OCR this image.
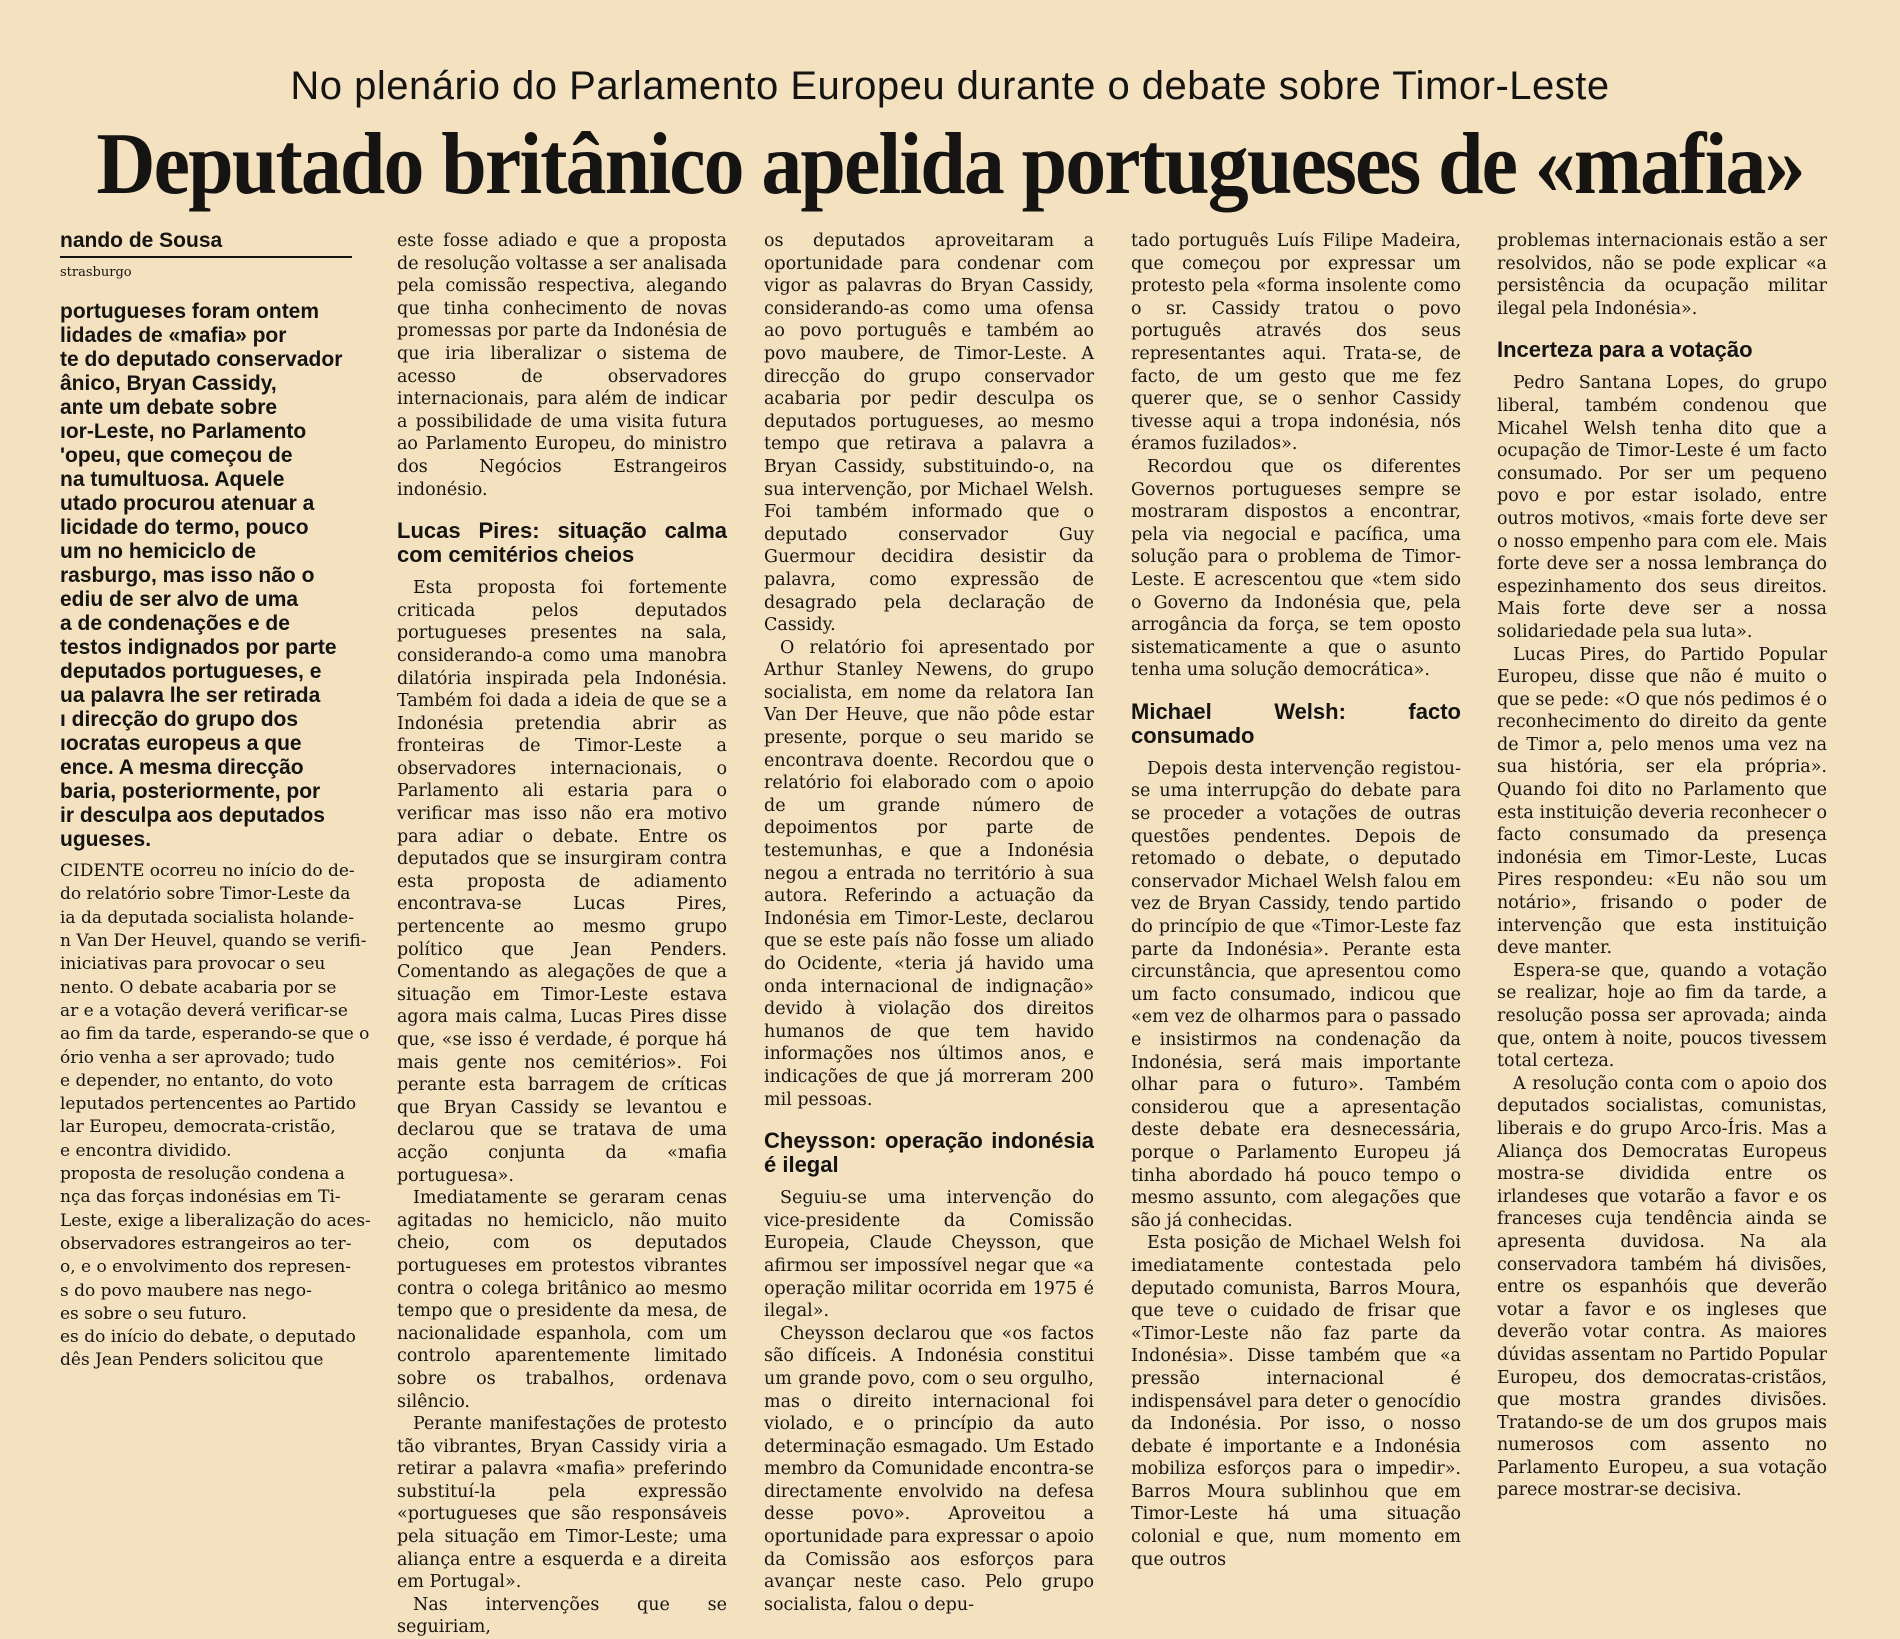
No plenário do Parlamento Europeu durante o debate sobre Timor-Leste
Deputado britânico apelida portugueses de «mafia»
nando de Sousa
strasburgo
portugueses foram ontem
lidades de «mafia» por
te do deputado conservador
ânico, Bryan Cassidy,
ante um debate sobre
ıor-Leste, no Parlamento
'opeu, que começou de
na tumultuosa. Aquele
utado procurou atenuar a
licidade do termo, pouco
um no hemiciclo de
rasburgo, mas isso não o
ediu de ser alvo de uma
a de condenações e de
testos indignados por parte
deputados portugueses, e
ua palavra lhe ser retirada
ı direcção do grupo dos
ıocratas europeus a que
ence. A mesma direcção
baria, posteriormente, por
ir desculpa aos deputados
ugueses.
CIDENTE ocorreu no início do de-
do relatório sobre Timor-Leste da
ia da deputada socialista holande-
n Van Der Heuvel, quando se verifi-
iniciativas para provocar o seu
nento. O debate acabaria por se
ar e a votação deverá verificar-se
ao fim da tarde, esperando-se que o
ório venha a ser aprovado; tudo
e depender, no entanto, do voto
leputados pertencentes ao Partido
lar Europeu, democrata-cristão,
e encontra dividido.
proposta de resolução condena a
nça das forças indonésias em Ti-
Leste, exige a liberalização do aces-
observadores estrangeiros ao ter-
o, e o envolvimento dos represen-
s do povo maubere nas nego-
es sobre o seu futuro.
es do início do debate, o deputado
dês Jean Penders solicitou que

este fosse adiado e que a proposta de resolução voltasse a ser analisada pela comissão respectiva, alegando que tinha conhecimento de novas promessas por parte da Indonésia de que iria liberalizar o sistema de acesso de observadores internacionais, para além de indicar a possibilidade de uma visita futura ao Parlamento Europeu, do ministro dos Negócios Estrangeiros indonésio.

Lucas Pires: situação calma com cemitérios cheios

Esta proposta foi fortemente criticada pelos deputados portugueses presentes na sala, considerando-a como uma manobra dilatória inspirada pela Indonésia. Também foi dada a ideia de que se a Indonésia pretendia abrir as fronteiras de Timor-Leste a observadores internacionais, o Parlamento ali estaria para o verificar mas isso não era motivo para adiar o debate. Entre os deputados que se insurgiram contra esta proposta de adiamento encontrava-se Lucas Pires, pertencente ao mesmo grupo político que Jean Penders. Comentando as alegações de que a situação em Timor-Leste estava agora mais calma, Lucas Pires disse que, «se isso é verdade, é porque há mais gente nos cemitérios». Foi perante esta barragem de críticas que Bryan Cassidy se levantou e declarou que se tratava de uma acção conjunta da «mafia portuguesa».

Imediatamente se geraram cenas agitadas no hemiciclo, não muito cheio, com os deputados portugueses em protestos vibrantes contra o colega britânico ao mesmo tempo que o presidente da mesa, de nacionalidade espanhola, com um controlo aparentemente limitado sobre os trabalhos, ordenava silêncio.

Perante manifestações de protesto tão vibrantes, Bryan Cassidy viria a retirar a palavra «mafia» preferindo substituí-la pela expressão «portugueses que são responsáveis pela situação em Timor-Leste; uma aliança entre a esquerda e a direita em Portugal».

Nas intervenções que se seguiriam,

os deputados aproveitaram a oportunidade para condenar com vigor as palavras do Bryan Cassidy, considerando-as como uma ofensa ao povo português e também ao povo maubere, de Timor-Leste. A direcção do grupo conservador acabaria por pedir desculpa os deputados portugueses, ao mesmo tempo que retirava a palavra a Bryan Cassidy, substituindo-o, na sua intervenção, por Michael Welsh. Foi também informado que o deputado conservador Guy Guermour decidira desistir da palavra, como expressão de desagrado pela declaração de Cassidy.

O relatório foi apresentado por Arthur Stanley Newens, do grupo socialista, em nome da relatora Ian Van Der Heuve, que não pôde estar presente, porque o seu marido se encontrava doente. Recordou que o relatório foi elaborado com o apoio de um grande número de depoimentos por parte de testemunhas, e que a Indonésia negou a entrada no território à sua autora. Referindo a actuação da Indonésia em Timor-Leste, declarou que se este país não fosse um aliado do Ocidente, «teria já havido uma onda internacional de indignação» devido à violação dos direitos humanos de que tem havido informações nos últimos anos, e indicações de que já morreram 200 mil pessoas.

Cheysson: operação indonésia é ilegal

Seguiu-se uma intervenção do vice-presidente da Comissão Europeia, Claude Cheysson, que afirmou ser impossível negar que «a operação militar ocorrida em 1975 é ilegal».

Cheysson declarou que «os factos são difíceis. A Indonésia constitui um grande povo, com o seu orgulho, mas o direito internacional foi violado, e o princípio da auto determinação esmagado. Um Estado membro da Comunidade encontra-se directamente envolvido na defesa desse povo». Aproveitou a oportunidade para expressar o apoio da Comissão aos esforços para avançar neste caso. Pelo grupo socialista, falou o depu-

tado português Luís Filipe Madeira, que começou por expressar um protesto pela «forma insolente como o sr. Cassidy tratou o povo português através dos seus representantes aqui. Trata-se, de facto, de um gesto que me fez querer que, se o senhor Cassidy tivesse aqui a tropa indonésia, nós éramos fuzilados».

Recordou que os diferentes Governos portugueses sempre se mostraram dispostos a encontrar, pela via negocial e pacífica, uma solução para o problema de Timor-Leste. E acrescentou que «tem sido o Governo da Indonésia que, pela arrogância da força, se tem oposto sistematicamente a que o asunto tenha uma solução democrática».

Michael Welsh: facto consumado

Depois desta intervenção registou-se uma interrupção do debate para se proceder a votações de outras questões pendentes. Depois de retomado o debate, o deputado conservador Michael Welsh falou em vez de Bryan Cassidy, tendo partido do princípio de que «Timor-Leste faz parte da Indonésia». Perante esta circunstância, que apresentou como um facto consumado, indicou que «em vez de olharmos para o passado e insistirmos na condenação da Indonésia, será mais importante olhar para o futuro». Também considerou que a apresentação deste debate era desnecessária, porque o Parlamento Europeu já tinha abordado há pouco tempo o mesmo assunto, com alegações que são já conhecidas.

Esta posição de Michael Welsh foi imediatamente contestada pelo deputado comunista, Barros Moura, que teve o cuidado de frisar que «Timor-Leste não faz parte da Indonésia». Disse também que «a pressão internacional é indispensável para deter o genocídio da Indonésia. Por isso, o nosso debate é importante e a Indonésia mobiliza esforços para o impedir». Barros Moura sublinhou que em Timor-Leste há uma situação colonial e que, num momento em que outros

problemas internacionais estão a ser resolvidos, não se pode explicar «a persistência da ocupação militar ilegal pela Indonésia».

Incerteza para a votação

Pedro Santana Lopes, do grupo liberal, também condenou que Micahel Welsh tenha dito que a ocupação de Timor-Leste é um facto consumado. Por ser um pequeno povo e por estar isolado, entre outros motivos, «mais forte deve ser o nosso empenho para com ele. Mais forte deve ser a nossa lembrança do espezinhamento dos seus direitos. Mais forte deve ser a nossa solidariedade pela sua luta».

Lucas Pires, do Partido Popular Europeu, disse que não é muito o que se pede: «O que nós pedimos é o reconhecimento do direito da gente de Timor a, pelo menos uma vez na sua história, ser ela própria». Quando foi dito no Parlamento que esta instituição deveria reconhecer o facto consumado da presença indonésia em Timor-Leste, Lucas Pires respondeu: «Eu não sou um notário», frisando o poder de intervenção que esta instituição deve manter.

Espera-se que, quando a votação se realizar, hoje ao fim da tarde, a resolução possa ser aprovada; ainda que, ontem à noite, poucos tivessem total certeza.

A resolução conta com o apoio dos deputados socialistas, comunistas, liberais e do grupo Arco-Íris. Mas a Aliança dos Democratas Europeus mostra-se dividida entre os irlandeses que votarão a favor e os franceses cuja tendência ainda se apresenta duvidosa. Na ala conservadora também há divisões, entre os espanhóis que deverão votar a favor e os ingleses que deverão votar contra. As maiores dúvidas assentam no Partido Popular Europeu, dos democratas-cristãos, que mostra grandes divisões. Tratando-se de um dos grupos mais numerosos com assento no Parlamento Europeu, a sua votação parece mostrar-se decisiva.
